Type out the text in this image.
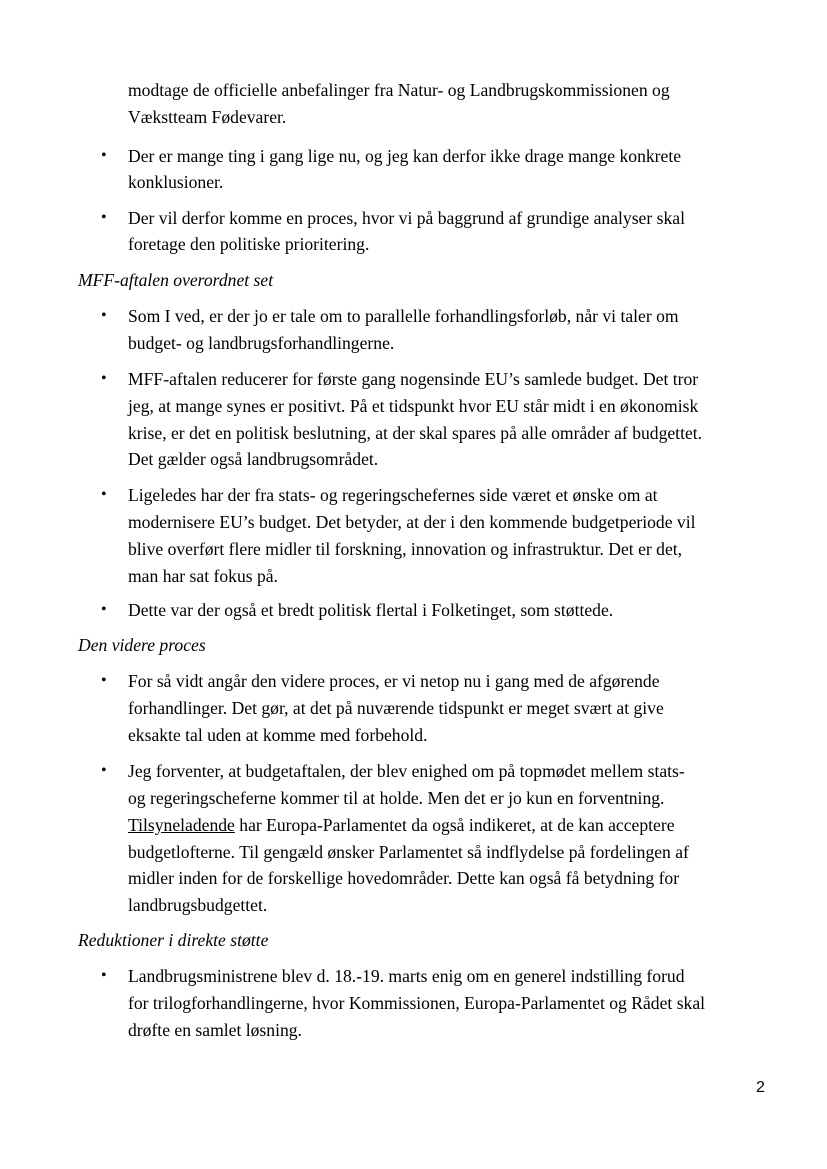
modtage de officielle anbefalinger fra Natur- og Landbrugskommissionen og
Vækstteam Fødevarer.
• Der er mange ting i gang lige nu, og jeg kan derfor ikke drage mange konkrete
konklusioner.
• Der vil derfor komme en proces, hvor vi på baggrund af grundige analyser skal
foretage den politiske prioritering.
MFF-aftalen overordnet set
• Som I ved, er der jo er tale om to parallelle forhandlingsforløb, når vi taler om
budget- og landbrugsforhandlingerne.
• MFF-aftalen reducerer for første gang nogensinde EU’s samlede budget. Det tror
jeg, at mange synes er positivt. På et tidspunkt hvor EU står midt i en økonomisk
krise, er det en politisk beslutning, at der skal spares på alle områder af budgettet.
Det gælder også landbrugsområdet.
• Ligeledes har der fra stats- og regeringschefernes side været et ønske om at
modernisere EU’s budget. Det betyder, at der i den kommende budgetperiode vil
blive overført flere midler til forskning, innovation og infrastruktur. Det er det,
man har sat fokus på.
• Dette var der også et bredt politisk flertal i Folketinget, som støttede.
Den videre proces
• For så vidt angår den videre proces, er vi netop nu i gang med de afgørende
forhandlinger. Det gør, at det på nuværende tidspunkt er meget svært at give
eksakte tal uden at komme med forbehold.
• Jeg forventer, at budgetaftalen, der blev enighed om på topmødet mellem stats-
og regeringscheferne kommer til at holde. Men det er jo kun en forventning.
Tilsyneladende har Europa-Parlamentet da også indikeret, at de kan acceptere
budgetlofterne. Til gengæld ønsker Parlamentet så indflydelse på fordelingen af
midler inden for de forskellige hovedområder. Dette kan også få betydning for
landbrugsbudgettet.
Reduktioner i direkte støtte
• Landbrugsministrene blev d. 18.-19. marts enig om en generel indstilling forud
for trilogforhandlingerne, hvor Kommissionen, Europa-Parlamentet og Rådet skal
drøfte en samlet løsning.
2
